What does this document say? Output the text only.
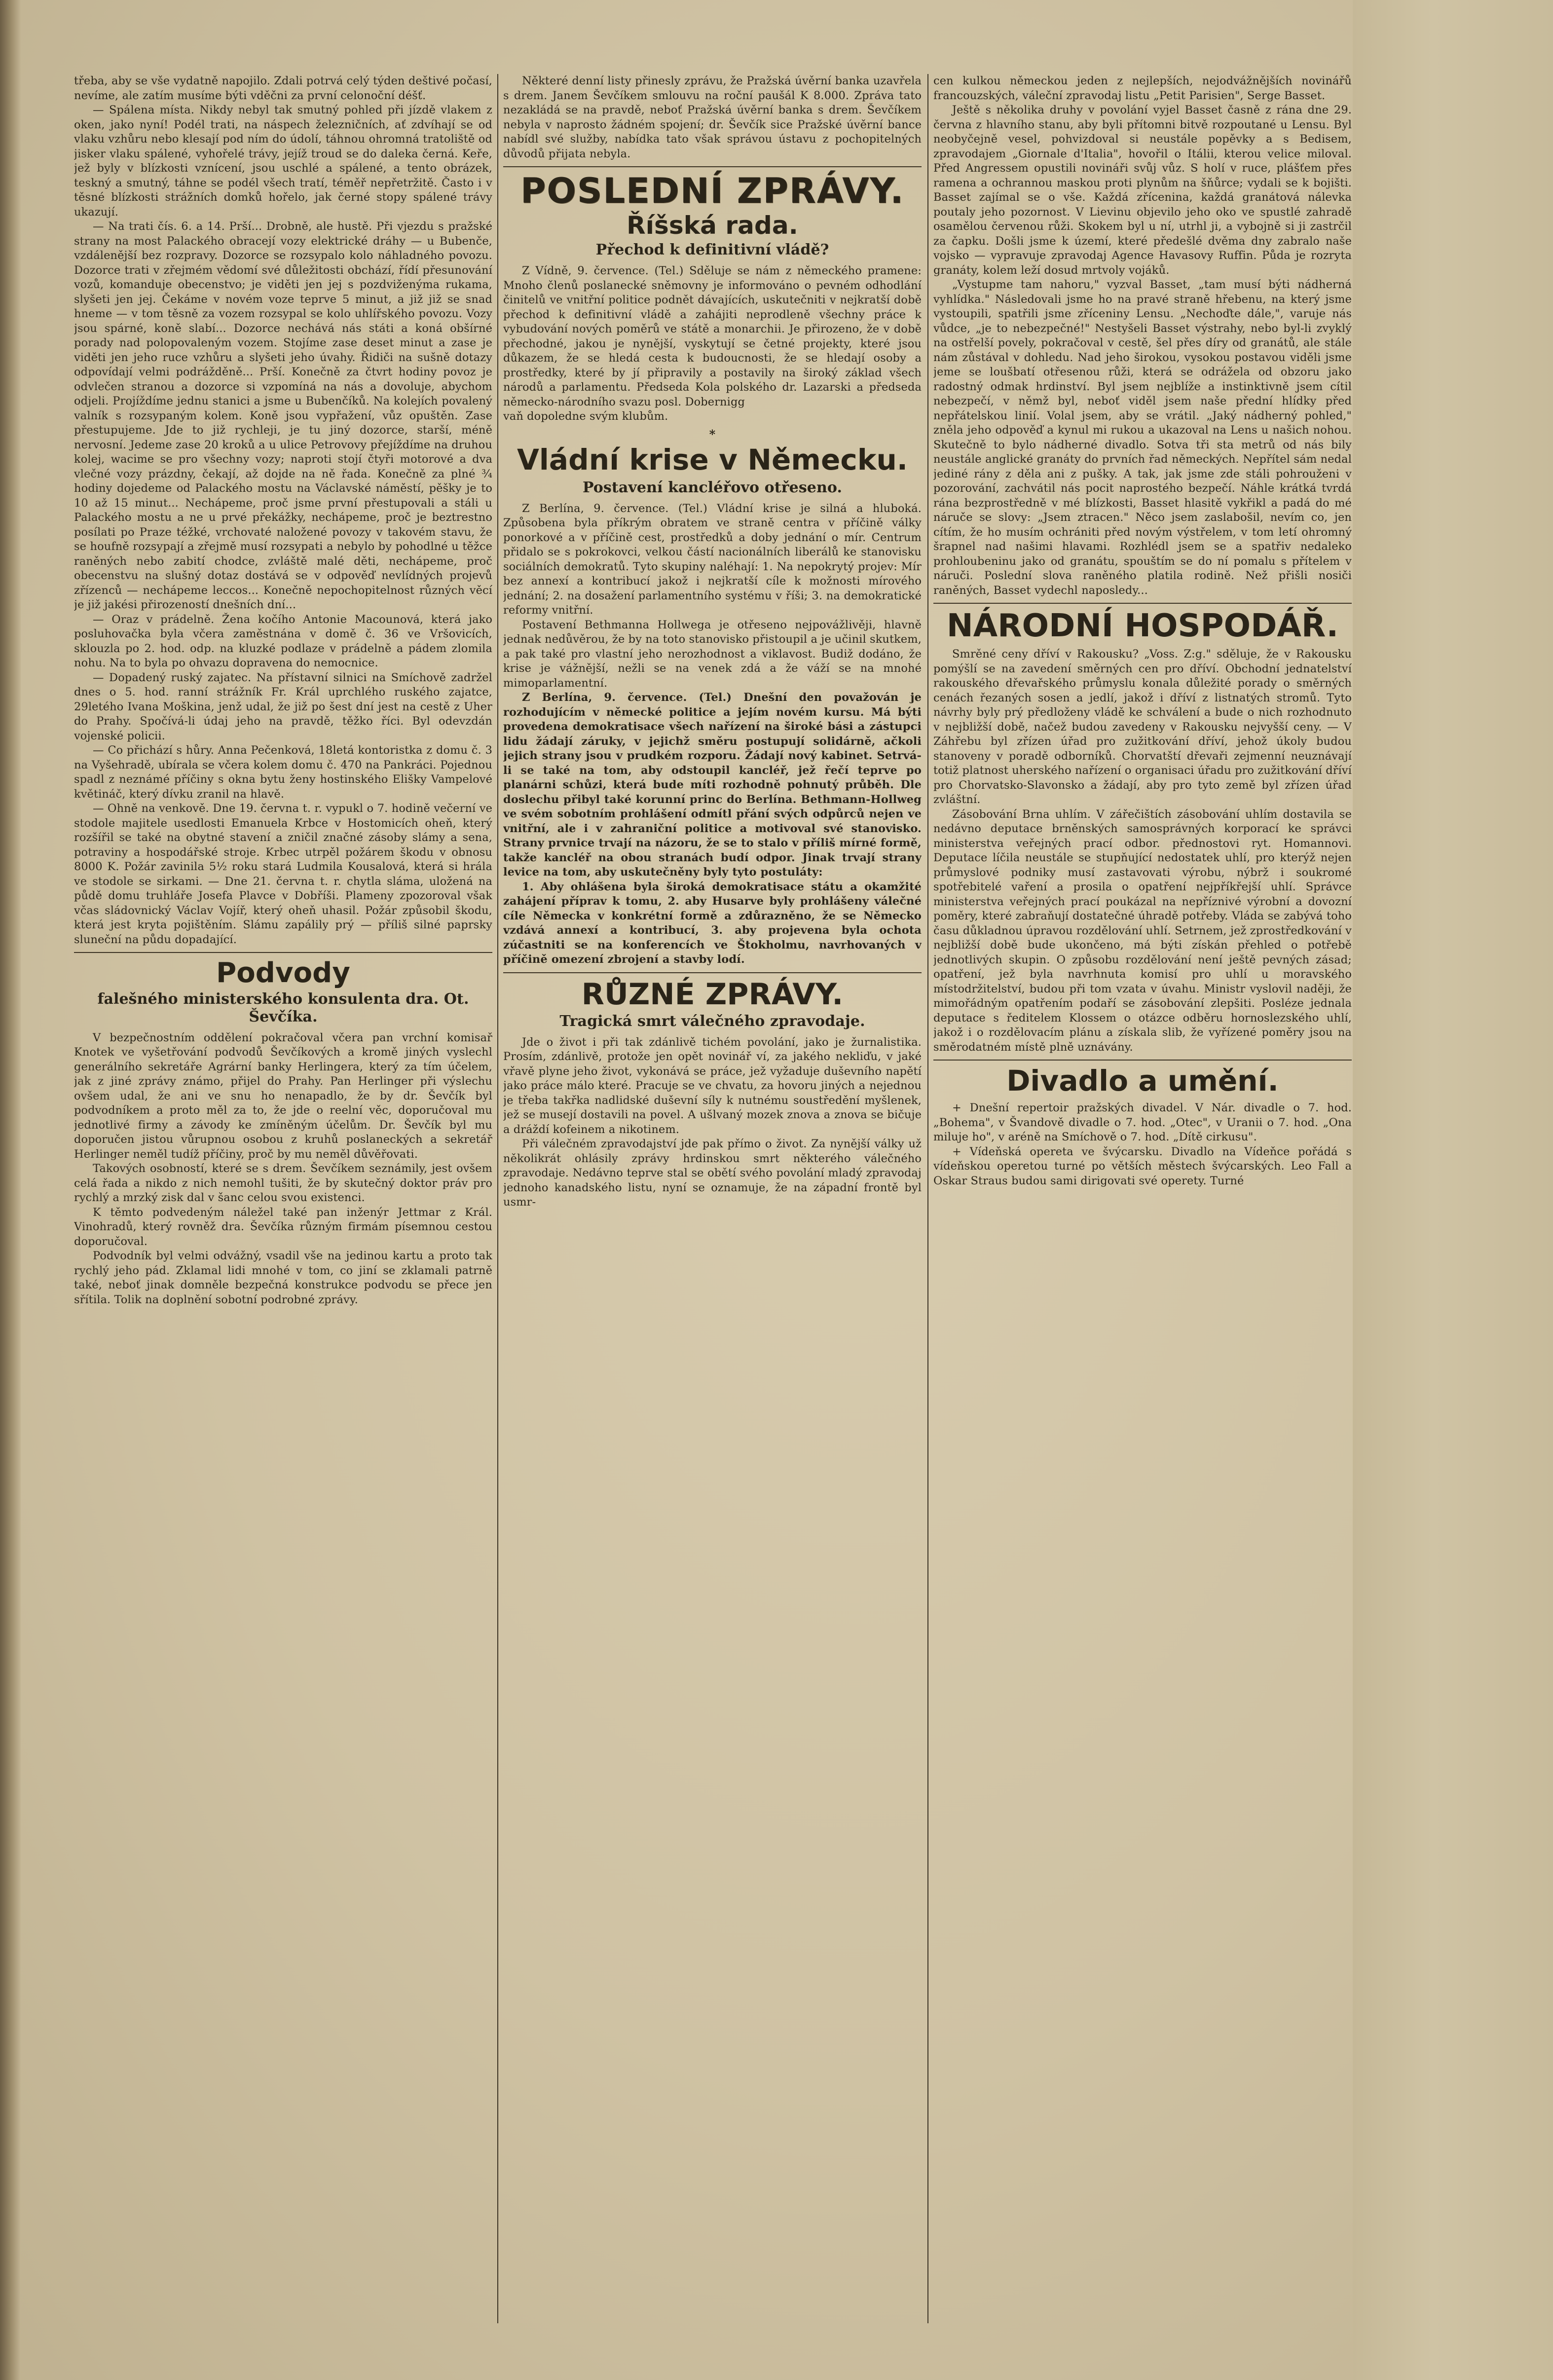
třeba, aby se vše vydatně napojilo. Zdali potrvá celý týden deštivé počasí, nevíme, ale zatím musíme býti vděčni za první celonoční déšť.

— Spálena místa. Nikdy nebyl tak smutný pohled při jízdě vlakem z oken, jako nyní! Podél trati, na náspech železničních, ať zdvíhají se od vlaku vzhůru nebo klesají pod ním do údolí, táhnou ohromná tratoliště od jisker vlaku spálené, vyhořelé trávy, jejíž troud se do daleka černá. Keře, jež byly v blízkosti vznícení, jsou uschlé a spálené, a tento obrázek, teskný a smutný, táhne se podél všech tratí, téměř nepřetržitě. Často i v těsné blízkosti strážních domků hořelo, jak černé stopy spálené trávy ukazují.

— Na trati čís. 6. a 14. Prší... Drobně, ale hustě. Při vjezdu s pražské strany na most Palackého obracejí vozy elektrické dráhy — u Bubenče, vzdálenější bez rozpravy. Dozorce se rozsypalo kolo náhladného povozu. Dozorce trati v zřejmém vědomí své důležitosti obchází, řídí přesunování vozů, komanduje obecenstvo; je viděti jen jej s pozdviženýma rukama, slyšeti jen jej. Čekáme v novém voze teprve 5 minut, a již již se snad hneme — v tom těsně za vozem rozsypal se kolo uhlířského povozu. Vozy jsou spárné, koně slabí... Dozorce nechává nás státi a koná obšírné porady nad polopovaleným vozem. Stojíme zase deset minut a zase je viděti jen jeho ruce vzhůru a slyšeti jeho úvahy. Řidiči na sušně dotazy odpovídají velmi podrážděně... Prší. Konečně za čtvrt hodiny povoz je odvlečen stranou a dozorce si vzpomíná na nás a dovoluje, abychom odjeli. Projíždíme jednu stanici a jsme u Bubenčíků. Na kolejích povalený valník s rozsypaným kolem. Koně jsou vypřažení, vůz opuštěn. Zase přestupujeme. Jde to již rychleji, je tu jiný dozorce, starší, méně nervosní. Jedeme zase 20 kroků a u ulice Petrovovy přejíždíme na druhou kolej, wacime se pro všechny vozy; naproti stojí čtyři motorové a dva vlečné vozy prázdny, čekají, až dojde na ně řada. Konečně za plné ¾ hodiny dojedeme od Palackého mostu na Václavské náměstí, pěšky je to 10 až 15 minut... Nechápeme, proč jsme první přestupovali a stáli u Palackého mostu a ne u prvé překážky, nechápeme, proč je beztrestno posílati po Praze téžké, vrchovaté naložené povozy v takovém stavu, že se houfně rozsypají a zřejmě musí rozsypati a nebylo by pohodlné u těžce raněných nebo zabití chodce, zvláště malé děti, nechápeme, proč obecenstvu na slušný dotaz dostává se v odpověď nevlídných projevů zřízenců — nechápeme leccos... Konečně nepochopitelnost různých věcí je již jakési přirozeností dnešních dní...

— Oraz v prádelně. Žena kočího Antonie Macounová, která jako posluhovačka byla včera zaměstnána v domě č. 36 ve Vršovicích, sklouzla po 2. hod. odp. na kluzké podlaze v prádelně a pádem zlomila nohu. Na to byla po ohvazu dopravena do nemocnice.

— Dopadený ruský zajatec. Na přístavní silnici na Smíchově zadržel dnes o 5. hod. ranní strážník Fr. Král uprchlého ruského zajatce, 29letého Ivana Moškina, jenž udal, že již po šest dní jest na cestě z Uher do Prahy. Spočívá-li údaj jeho na pravdě, těžko říci. Byl odevzdán vojenské policii.

— Co přichází s hůry. Anna Pečenková, 18letá kontoristka z domu č. 3 na Vyšehradě, ubírala se včera kolem domu č. 470 na Pankráci. Pojednou spadl z neznámé příčiny s okna bytu ženy hostinského Elišky Vampelové květináč, který dívku zranil na hlavě.

— Ohně na venkově. Dne 19. června t. r. vypukl o 7. hodině večerní ve stodole majitele usedlosti Emanuela Krbce v Hostomicích oheň, který rozšířil se také na obytné stavení a zničil značné zásoby slámy a sena, potraviny a hospodářské stroje. Krbec utrpěl požárem škodu v obnosu 8000 K. Požár zavinila 5½ roku stará Ludmila Kousalová, která si hrála ve stodole se sirkami. — Dne 21. června t. r. chytla sláma, uložená na půdě domu truhláře Josefa Plavce v Dobříši. Plameny zpozoroval však včas sládovnický Václav Vojíř, který oheň uhasil. Požár způsobil škodu, která jest kryta pojištěním. Slámu zapálily prý — příliš silné paprsky sluneční na půdu dopadající.

Podvody
falešného ministerského konsulenta dra. Ot. Ševčíka.

V bezpečnostním oddělení pokračoval včera pan vrchní komisař Knotek ve vyšetřování podvodů Ševčíkových a kromě jiných vyslechl generálního sekretáře Agrární banky Herlingera, který za tím účelem, jak z jiné zprávy známo, přijel do Prahy. Pan Herlinger při výslechu ovšem udal, že ani ve snu ho nenapadlo, že by dr. Ševčík byl podvodníkem a proto měl za to, že jde o reelní věc, doporučoval mu jednotlivé firmy a závody ke zmíněným účelům. Dr. Ševčík byl mu doporučen jistou vůrupnou osobou z kruhů poslaneckých a sekretář Herlinger neměl tudíž příčiny, proč by mu neměl důvěřovati.

Takových osobností, které se s drem. Ševčíkem seznámily, jest ovšem celá řada a nikdo z nich nemohl tušiti, že by skutečný doktor práv pro rychlý a mrzký zisk dal v šanc celou svou existenci.

K těmto podvedeným náležel také pan inženýr Jettmar z Král. Vinohradů, který rovněž dra. Ševčíka různým firmám písemnou cestou doporučoval.

Podvodník byl velmi odvážný, vsadil vše na jedinou kartu a proto tak rychlý jeho pád. Zklamal lidi mnohé v tom, co jiní se zklamali patrně také, neboť jinak domněle bezpečná konstrukce podvodu se přece jen sřítila. Tolik na doplnění sobotní podrobné zprávy.

Některé denní listy přinesly zprávu, že Pražská úvěrní banka uzavřela s drem. Janem Ševčíkem smlouvu na roční paušál K 8.000. Zpráva tato nezakládá se na pravdě, neboť Pražská úvěrní banka s drem. Ševčíkem nebyla v naprosto žádném spojení; dr. Ševčík sice Pražské úvěrní bance nabídl své služby, nabídka tato však správou ústavu z pochopitelných důvodů přijata nebyla.

POSLEDNÍ ZPRÁVY.
Říšská rada.
Přechod k definitivní vládě?

Z Vídně, 9. července. (Tel.) Sděluje se nám z německého pramene: Mnoho členů poslanecké sněmovny je informováno o pevném odhodlání činitelů ve vnitřní politice podnět dávajících, uskutečniti v nejkratší době přechod k definitivní vládě a zahájiti neprodleně všechny práce k vybudování nových poměrů ve státě a monarchii. Je přirozeno, že v době přechodné, jakou je nynější, vyskytují se četné projekty, které jsou důkazem, že se hledá cesta k budoucnosti, že se hledají osoby a prostředky, které by jí připravily a postavily na široký základ všech národů a parlamentu. Předseda Kola polského dr. Lazarski a předseda německo-národního svazu posl. Dobernigg

vaň dopoledne svým klubům.

*
Vládní krise v Německu.
Postavení kancléřovo otřeseno.

Z Berlína, 9. července. (Tel.) Vládní krise je silná a hluboká. Způsobena byla příkrým obratem ve straně centra v příčině války ponorkové a v příčině cest, prostředků a doby jednání o mír. Centrum přidalo se s pokrokovci, velkou částí nacionálních liberálů ke stanovisku sociálních demokratů. Tyto skupiny naléhají: 1. Na nepokrytý projev: Mír bez annexí a kontribucí jakož i nejkratší cíle k možnosti mírového jednání; 2. na dosažení parlamentního systému v říši; 3. na demokratické reformy vnitřní.

Postavení Bethmanna Hollwega je otřeseno nejpovážlivěji, hlavně jednak nedůvěrou, že by na toto stanovisko přistoupil a je učinil skutkem, a pak také pro vlastní jeho nerozhodnost a viklavost. Budiž dodáno, že krise je vážnější, nežli se na venek zdá a že váží se na mnohé mimoparlamentní.

Z Berlína, 9. července. (Tel.) Dnešní den považován je rozhodujícím v německé politice a jejím novém kursu. Má býti provedena demokratisace všech nařízení na široké bási a zástupci lidu žádají záruky, v jejichž směru postupují solidárně, ačkoli jejich strany jsou v prudkém rozporu. Žádají nový kabinet. Setrvá-li se také na tom, aby odstoupil kancléř, jež řečí teprve po planárni schůzi, která bude míti rozhodně pohnutý průběh. Dle doslechu přibyl také korunní princ do Berlína. Bethmann-Hollweg ve svém sobotním prohlášení odmítl přání svých odpůrců nejen ve vnitřní, ale i v zahraniční politice a motivoval své stanovisko. Strany prvnice trvají na názoru, že se to stalo v příliš mírné formě, takže kancléř na obou stranách budí odpor. Jinak trvají strany levice na tom, aby uskutečněny byly tyto postuláty:

1. Aby ohlášena byla široká demokratisace státu a okamžité zahájení příprav k tomu, 2. aby Husarve byly prohlášeny válečné cíle Německa v konkrétní formě a zdůrazněno, že se Německo vzdává annexí a kontribucí, 3. aby projevena byla ochota zúčastniti se na konferencích ve Štokholmu, navrhovaných v příčině omezení zbrojení a stavby lodí.

RŮZNÉ ZPRÁVY.
Tragická smrt válečného zpravodaje.

Jde o život i při tak zdánlivě tichém povolání, jako je žurnalistika. Prosím, zdánlivě, protože jen opět novinář ví, za jakého nekliďu, v jaké vřavě plyne jeho život, vykonává se práce, jež vyžaduje duševního napětí jako práce málo které. Pracuje se ve chvatu, za hovoru jiných a nejednou je třeba takřka nadlidské duševní síly k nutnému soustředění myšlenek, jež se musejí dostavili na povel. A ušlvaný mozek znova a znova se bičuje a dráždí kofeinem a nikotinem.

Při válečném zpravodajství jde pak přímo o život. Za nynější války už několikrát ohlásily zprávy hrdinskou smrt některého válečného zpravodaje. Nedávno teprve stal se obětí svého povolání mladý zpravodaj jednoho kanadského listu, nyní se oznamuje, že na západní frontě byl usmr-

cen kulkou německou jeden z nejlepších, nejodvážnějších novinářů francouzských, váleční zpravodaj listu „Petit Parisien", Serge Basset.

Ještě s několika druhy v povolání vyjel Basset časně z rána dne 29. června z hlavního stanu, aby byli přítomni bitvě rozpoutané u Lensu. Byl neobyčejně vesel, pohvizdoval si neustále popěvky a s Bedisem, zpravodajem „Giornale d'Italia", hovořil o Itálii, kterou velice miloval. Před Angressem opustili novináři svůj vůz. S holí v ruce, plášťem přes ramena a ochrannou maskou proti plynům na šňůrce; vydali se k bojišti. Basset zajímal se o vše. Každá zřícenina, každá granátová nálevka poutaly jeho pozornost. V Lievinu objevilo jeho oko ve spustlé zahradě osamělou červenou růži. Skokem byl u ní, utrhl ji, a vybojně si ji zastrčil za čapku. Došli jsme k území, které předešlé dvěma dny zabralo naše vojsko — vypravuje zpravodaj Agence Havasovy Ruffin. Půda je rozryta granáty, kolem leží dosud mrtvoly vojáků.

„Vystupme tam nahoru," vyzval Basset, „tam musí býti nádherná vyhlídka." Následovali jsme ho na pravé straně hřebenu, na který jsme vystoupili, spatřili jsme zříceniny Lensu. „Nechoďte dále,", varuje nás vůdce, „je to nebezpečné!" Nestyšeli Basset výstrahy, nebo byl-li zvyklý na ostřelší povely, pokračoval v cestě, šel přes díry od granátů, ale stále nám zůstával v dohledu. Nad jeho širokou, vysokou postavou viděli jsme jeme se loušbatí otřesenou růži, která se odrážela od obzoru jako radostný odmak hrdinství. Byl jsem nejblíže a instinktivně jsem cítil nebezpečí, v němž byl, neboť viděl jsem naše přední hlídky před nepřátelskou linií. Volal jsem, aby se vrátil. „Jaký nádherný pohled," zněla jeho odpověď a kynul mi rukou a ukazoval na Lens u našich nohou. Skutečně to bylo nádherné divadlo. Sotva tři sta metrů od nás bily neustále anglické granáty do prvních řad německých. Nepřítel sám nedal jediné rány z děla ani z pušky. A tak, jak jsme zde stáli pohrouženi v pozorování, zachvátil nás pocit naprostého bezpečí. Náhle krátká tvrdá rána bezprostředně v mé blízkosti, Basset hlasitě vykřikl a padá do mé náruče se slovy: „Jsem ztracen." Něco jsem zaslabošil, nevím co, jen cítím, že ho musím ochrániti před novým výstřelem, v tom letí ohromný šrapnel nad našimi hlavami. Rozhlédl jsem se a spatřiv nedaleko prohloubeninu jako od granátu, spouštím se do ní pomalu s přítelem v náruči. Poslední slova raněného platila rodině. Než přišli nosiči raněných, Basset vydechl naposledy...

NÁRODNÍ HOSPODÁŘ.

Smrěné ceny dříví v Rakousku? „Voss. Z:g." sděluje, že v Rakousku pomýšlí se na zavedení směrných cen pro dříví. Obchodní jednatelství rakouského dřevařského průmyslu konala důležité porady o směrných cenách řezaných sosen a jedlí, jakož i dříví z listnatých stromů. Tyto návrhy byly prý předloženy vládě ke schválení a bude o nich rozhodnuto v nejbližší době, načež budou zavedeny v Rakousku nejvyšší ceny. — V Záhřebu byl zřízen úřad pro zužitkování dříví, jehož úkoly budou stanoveny v poradě odborníků. Chorvatští dřevaři zejmenní neuznávají totiž platnost uherského nařízení o organisaci úřadu pro zužitkování dříví pro Chorvatsko-Slavonsko a žádají, aby pro tyto země byl zřízen úřad zvláštní.

Zásobování Brna uhlím. V zářečištích zásobování uhlím dostavila se nedávno deputace brněnských samosprávných korporací ke správci ministerstva veřejných prací odbor. přednostovi ryt. Homannovi. Deputace líčila neustále se stupňující nedostatek uhlí, pro kterýž nejen průmyslové podniky musí zastavovati výrobu, nýbrž i soukromé spotřebitelé vaření a prosila o opatření nejpříkřejší uhlí. Správce ministerstva veřejných prací poukázal na nepříznivé výrobní a dovozní poměry, které zabraňují dostatečné úhradě potřeby. Vláda se zabývá toho času důkladnou úpravou rozdělování uhlí. Setrnem, jež zprostředkování v nejbližší době bude ukončeno, má býti získán přehled o potřebě jednotlivých skupin. O způsobu rozdělování není ještě pevných zásad; opatření, jež byla navrhnuta komisí pro uhlí u moravského místodržitelství, budou při tom vzata v úvahu. Ministr vyslovil naději, že mimořádným opatřením podaří se zásobování zlepšiti. Posléze jednala deputace s ředitelem Klossem o otázce odběru hornoslezského uhlí, jakož i o rozdělovacím plánu a získala slib, že vyřízené poměry jsou na směrodatném místě plně uznávány.

Divadlo a umění.

+ Dnešní repertoir pražských divadel. V Nár. divadle o 7. hod. „Bohema", v Švandově divadle o 7. hod. „Otec", v Uranii o 7. hod. „Ona miluje ho", v aréně na Smíchově o 7. hod. „Dítě cirkusu".

+ Vídeňská opereta ve švýcarsku. Divadlo na Vídeňce pořádá s vídeňskou operetou turné po větších městech švýcarských. Leo Fall a Oskar Straus budou sami dirigovati své operety. Turné
